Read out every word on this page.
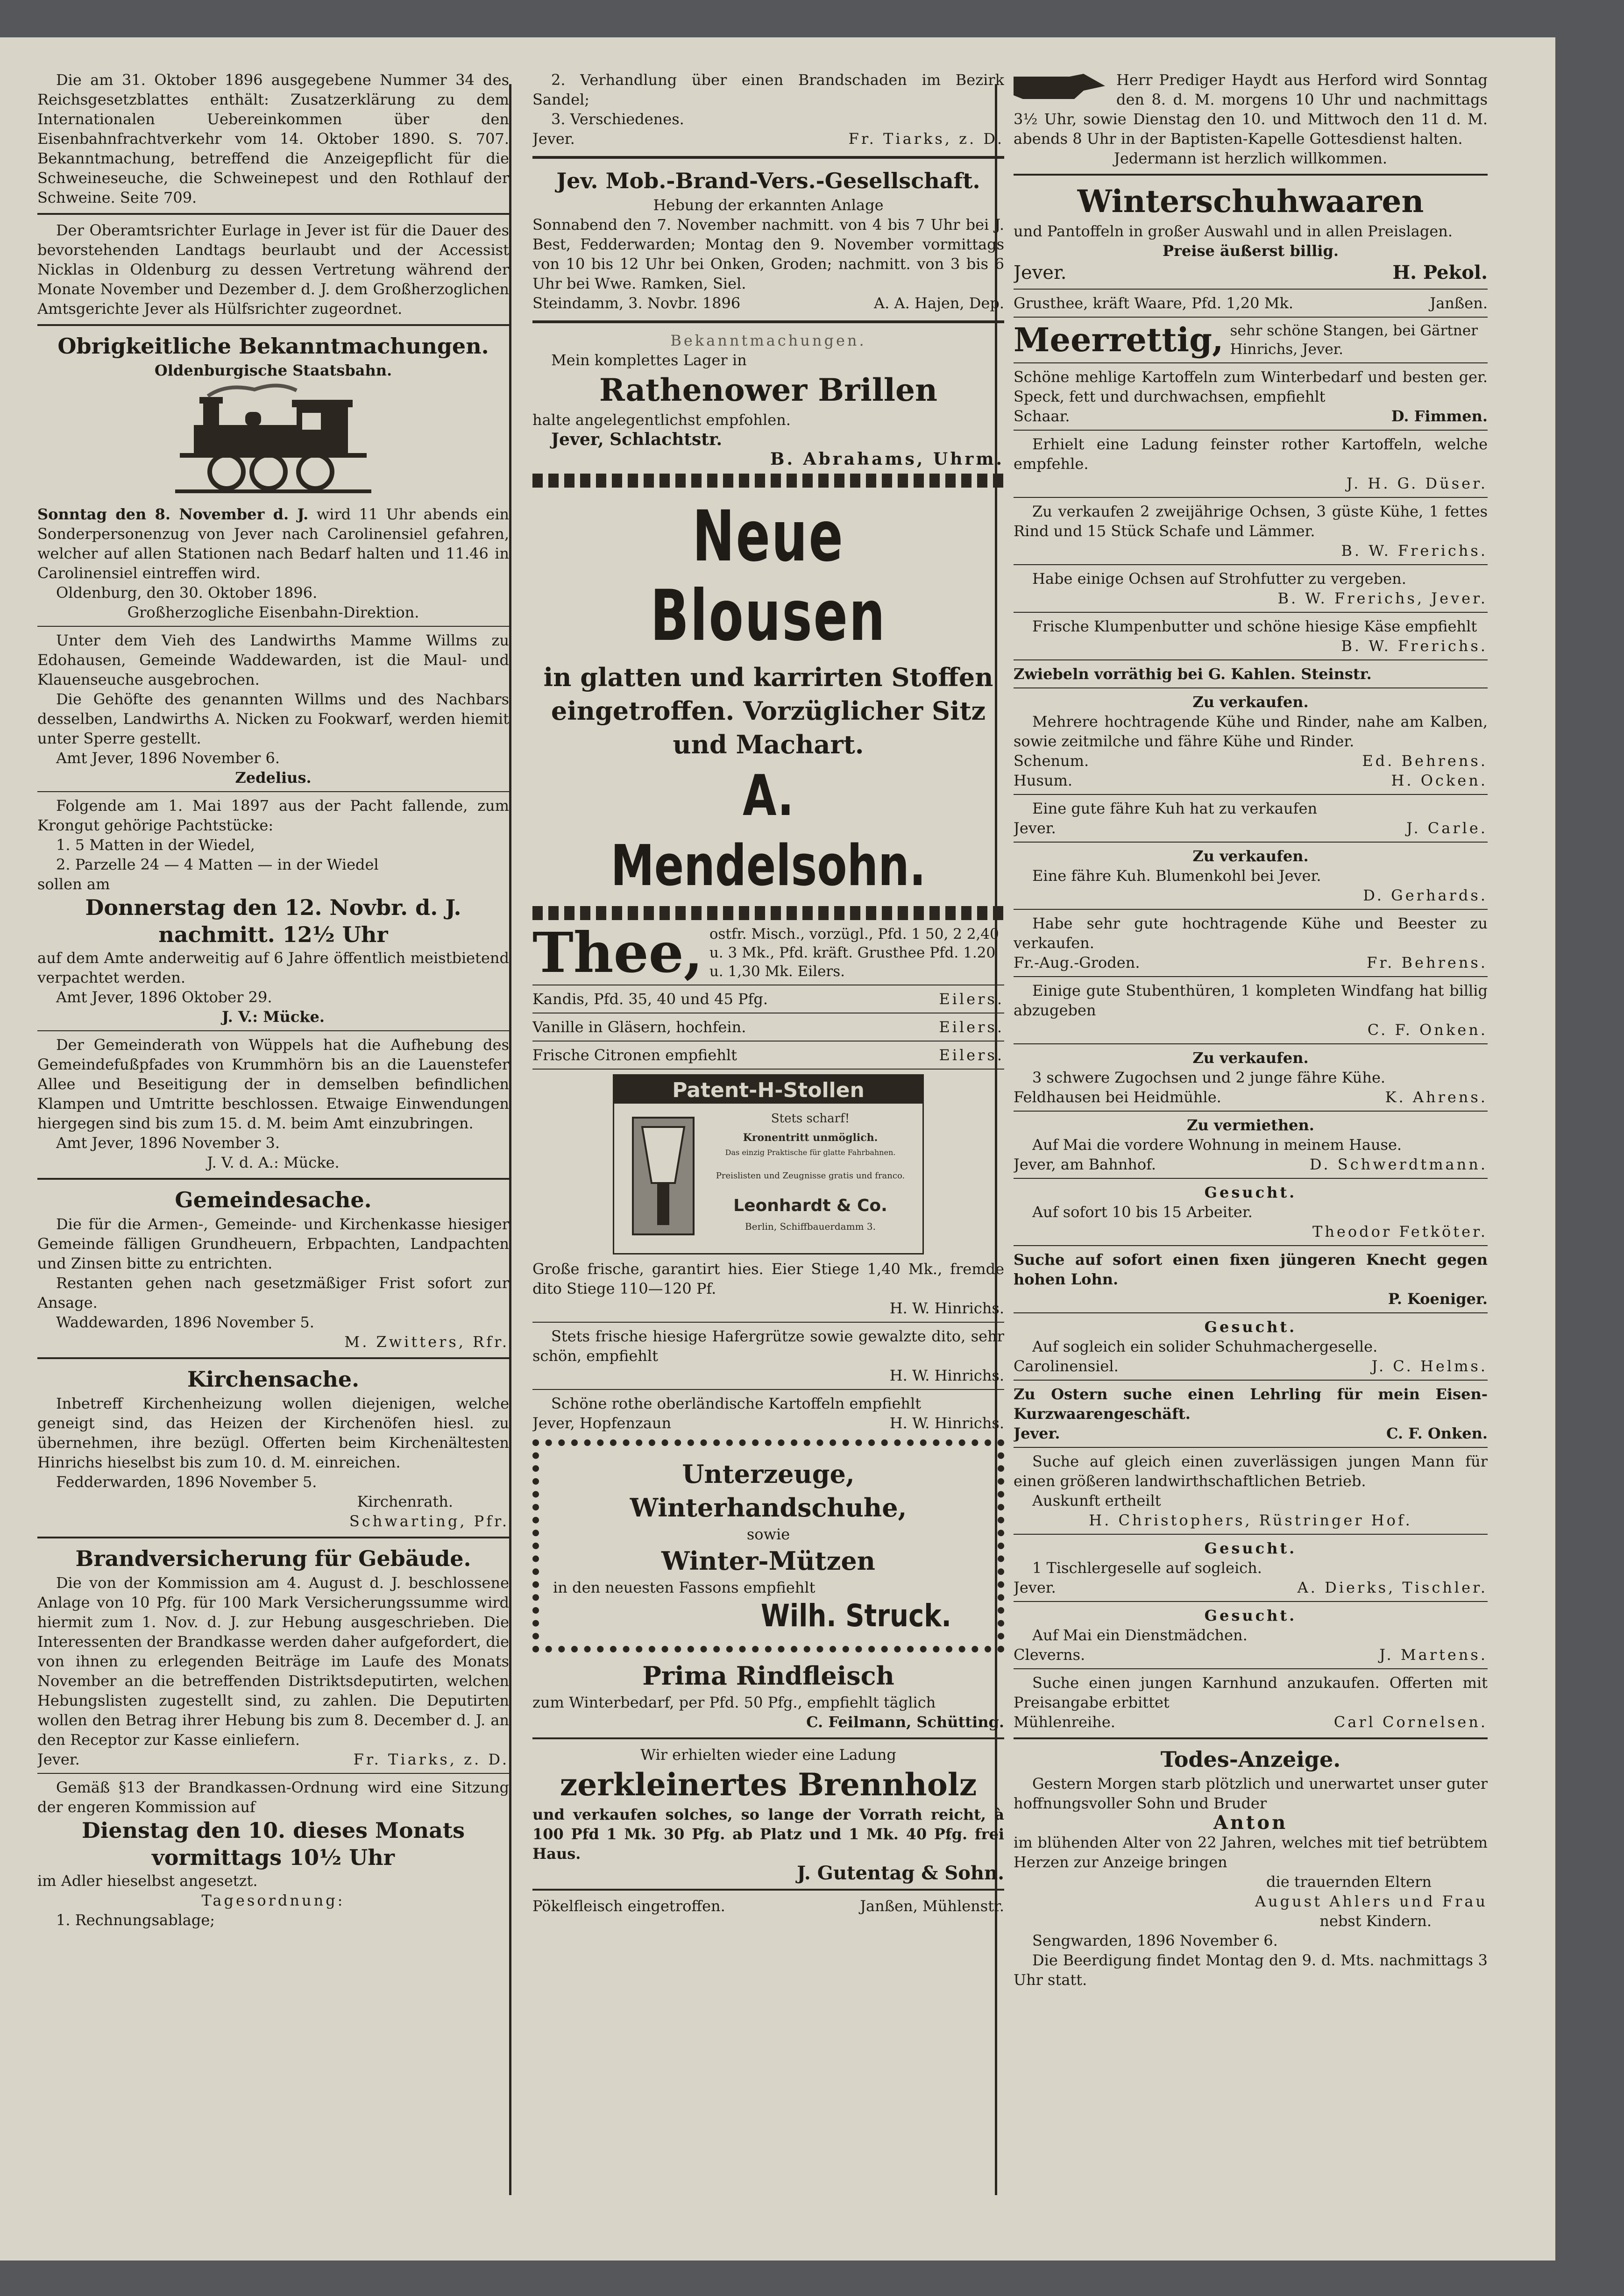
Die am 31. Oktober 1896 ausgegebene Nummer 34 des Reichsgesetzblattes enthält: Zusatzerklärung zu dem Internationalen Uebereinkommen über den Eisenbahnfrachtverkehr vom 14. Oktober 1890. S. 707. Bekanntmachung, betreffend die Anzeigepflicht für die Schweineseuche, die Schweinepest und den Rothlauf der Schweine. Seite 709.

Der Oberamtsrichter Eurlage in Jever ist für die Dauer des bevorstehenden Landtags beurlaubt und der Accessist Nicklas in Oldenburg zu dessen Vertretung während der Monate November und Dezember d. J. dem Großherzoglichen Amtsgerichte Jever als Hülfsrichter zugeordnet.

Obrigkeitliche Bekanntmachungen.

Oldenburgische Staatsbahn.

Sonntag den 8. November d. J. wird 11 Uhr abends ein Sonderpersonenzug von Jever nach Carolinensiel gefahren, welcher auf allen Stationen nach Bedarf halten und 11.46 in Carolinensiel eintreffen wird.

Oldenburg, den 30. Oktober 1896.

Großherzogliche Eisenbahn-Direktion.

Unter dem Vieh des Landwirths Mamme Willms zu Edohausen, Gemeinde Waddewarden, ist die Maul- und Klauenseuche ausgebrochen.

Die Gehöfte des genannten Willms und des Nachbars desselben, Landwirths A. Nicken zu Fookwarf, werden hiemit unter Sperre gestellt.

Amt Jever, 1896 November 6.

Zedelius.

Folgende am 1. Mai 1897 aus der Pacht fallende, zum Krongut gehörige Pachtstücke:

1. 5 Matten in der Wiedel,

2. Parzelle 24 — 4 Matten — in der Wiedel

sollen am

Donnerstag den 12. Novbr. d. J.

nachmitt. 12½ Uhr

auf dem Amte anderweitig auf 6 Jahre öffentlich meistbietend verpachtet werden.

Amt Jever, 1896 Oktober 29.

J. V.: Mücke.

Der Gemeinderath von Wüppels hat die Aufhebung des Gemeindefußpfades von Krummhörn bis an die Lauenstefer Allee und Beseitigung der in demselben befindlichen Klampen und Umtritte beschlossen. Etwaige Einwendungen hiergegen sind bis zum 15. d. M. beim Amt einzubringen.

Amt Jever, 1896 November 3.

J. V. d. A.: Mücke.

Gemeindesache.

Die für die Armen-, Gemeinde- und Kirchenkasse hiesiger Gemeinde fälligen Grundheuern, Erbpachten, Landpachten und Zinsen bitte zu entrichten.

Restanten gehen nach gesetzmäßiger Frist sofort zur Ansage.

Waddewarden, 1896 November 5.

M. Zwitters, Rfr.

Kirchensache.

Inbetreff Kirchenheizung wollen diejenigen, welche geneigt sind, das Heizen der Kirchenöfen hiesl. zu übernehmen, ihre bezügl. Offerten beim Kirchenältesten Hinrichs hieselbst bis zum 10. d. M. einreichen.

Fedderwarden, 1896 November 5.

Kirchenrath.

Schwarting, Pfr.

Brandversicherung für Gebäude.

Die von der Kommission am 4. August d. J. beschlossene Anlage von 10 Pfg. für 100 Mark Versicherungssumme wird hiermit zum 1. Nov. d. J. zur Hebung ausgeschrieben. Die Interessenten der Brandkasse werden daher aufgefordert, die von ihnen zu erlegenden Beiträge im Laufe des Monats November an die betreffenden Distriktsdeputirten, welchen Hebungslisten zugestellt sind, zu zahlen. Die Deputirten wollen den Betrag ihrer Hebung bis zum 8. December d. J. an den Receptor zur Kasse einliefern.

Jever.	Fr. Tiarks, z. D.

Gemäß §13 der Brandkassen-Ordnung wird eine Sitzung der engeren Kommission auf

Dienstag den 10. dieses Monats

vormittags 10½ Uhr

im Adler hieselbst angesetzt.

Tagesordnung:

1. Rechnungsablage;

2. Verhandlung über einen Brandschaden im Bezirk Sandel;

3. Verschiedenes.

Jever.	Fr. Tiarks, z. D.

Jev. Mob.-Brand-Vers.-Gesellschaft.

Hebung der erkannten Anlage

Sonnabend den 7. November nachmitt. von 4 bis 7 Uhr bei J. Best, Fedderwarden; Montag den 9. November vormittags von 10 bis 12 Uhr bei Onken, Groden; nachmitt. von 3 bis 6 Uhr bei Wwe. Ramken, Siel.

Steindamm, 3. Novbr. 1896	A. A. Hajen, Dep.

Bekanntmachungen.

Mein komplettes Lager in

Rathenower Brillen

halte angelegentlichst empfohlen.

Jever, Schlachtstr.

B. Abrahams, Uhrm.

Neue Blousen

in glatten und karrirten Stoffen

eingetroffen. Vorzüglicher Sitz

und Machart.

A. Mendelsohn.

Thee, ostfr. Misch., vorzügl., Pfd. 1 50, 2 2,40 u. 3 Mk., Pfd. kräft. Grusthee Pfd. 1.20 u. 1,30 Mk. Eilers.
Kandis, Pfd. 35, 40 und 45 Pfg.	Eilers.
Vanille in Gläsern, hochfein.	Eilers.
Frische Citronen empfiehlt	Eilers.
Patent-H-Stollen
Stets scharf!
Kronentritt unmöglich.
Das einzig Praktische für glatte Fahrbahnen.
Preislisten und Zeugnisse gratis und franco.
Leonhardt & Co.
Berlin, Schiffbauerdamm 3.

Große frische, garantirt hies. Eier Stiege 1,40 Mk., fremde dito Stiege 110—120 Pf.

H. W. Hinrichs.

Stets frische hiesige Hafergrütze sowie gewalzte dito, sehr schön, empfiehlt

H. W. Hinrichs.

Schöne rothe oberländische Kartoffeln empfiehlt

Jever, Hopfenzaun	H. W. Hinrichs.

Unterzeuge,

Winterhandschuhe,

sowie

Winter-Mützen

in den neuesten Fassons empfiehlt

Wilh. Struck.

Prima Rindfleisch

zum Winterbedarf, per Pfd. 50 Pfg., empfiehlt täglich

C. Feilmann, Schütting.

Wir erhielten wieder eine Ladung

zerkleinertes Brennholz

und verkaufen solches, so lange der Vorrath reicht, à 100 Pfd 1 Mk. 30 Pfg. ab Platz und 1 Mk. 40 Pfg. frei Haus.

J. Gutentag & Sohn.

Pökelfleisch eingetroffen.	Janßen, Mühlenstr.

Herr Prediger Haydt aus Herford wird Sonntag den 8. d. M. morgens 10 Uhr und nachmittags 3½ Uhr, sowie Dienstag den 10. und Mittwoch den 11 d. M. abends 8 Uhr in der Baptisten-Kapelle Gottesdienst halten.

Jedermann ist herzlich willkommen.

Winterschuhwaaren

und Pantoffeln in großer Auswahl und in allen Preislagen.

Preise äußerst billig.

Jever.	H. Pekol.
Grusthee, kräft Waare, Pfd. 1,20 Mk.	Janßen.
Meerrettig, sehr schöne Stangen, bei Gärtner Hinrichs, Jever.

Schöne mehlige Kartoffeln zum Winterbedarf und besten ger. Speck, fett und durchwachsen, empfiehlt

Schaar.	D. Fimmen.

Erhielt eine Ladung feinster rother Kartoffeln, welche empfehle.

J. H. G. Düser.

Zu verkaufen 2 zweijährige Ochsen, 3 güste Kühe, 1 fettes Rind und 15 Stück Schafe und Lämmer.

B. W. Frerichs.

Habe einige Ochsen auf Strohfutter zu vergeben.

B. W. Frerichs, Jever.

Frische Klumpenbutter und schöne hiesige Käse empfiehlt

B. W. Frerichs.

Zwiebeln vorräthig bei G. Kahlen. Steinstr.

Zu verkaufen.

Mehrere hochtragende Kühe und Rinder, nahe am Kalben, sowie zeitmilche und fähre Kühe und Rinder.

Schenum.	Ed. Behrens.
Husum.	H. Ocken.

Eine gute fähre Kuh hat zu verkaufen

Jever.	J. Carle.

Zu verkaufen.

Eine fähre Kuh. Blumenkohl bei Jever.

D. Gerhards.

Habe sehr gute hochtragende Kühe und Beester zu verkaufen.

Fr.-Aug.-Groden.	Fr. Behrens.

Einige gute Stubenthüren, 1 kompleten Windfang hat billig abzugeben

C. F. Onken.

Zu verkaufen.

3 schwere Zugochsen und 2 junge fähre Kühe.

Feldhausen bei Heidmühle.	K. Ahrens.

Zu vermiethen.

Auf Mai die vordere Wohnung in meinem Hause.

Jever, am Bahnhof.	D. Schwerdtmann.

Gesucht.

Auf sofort 10 bis 15 Arbeiter.

Theodor Fetköter.

Suche auf sofort einen fixen jüngeren Knecht gegen hohen Lohn.

P. Koeniger.

Gesucht.

Auf sogleich ein solider Schuhmachergeselle.

Carolinensiel.	J. C. Helms.

Zu Ostern suche einen Lehrling für mein Eisen-Kurzwaarengeschäft.

Jever.	C. F. Onken.

Suche auf gleich einen zuverlässigen jungen Mann für einen größeren landwirthschaftlichen Betrieb.

Auskunft ertheilt

H. Christophers, Rüstringer Hof.

Gesucht.

1 Tischlergeselle auf sogleich.

Jever.	A. Dierks, Tischler.

Gesucht.

Auf Mai ein Dienstmädchen.

Cleverns.	J. Martens.

Suche einen jungen Karnhund anzukaufen. Offerten mit Preisangabe erbittet

Mühlenreihe.	Carl Cornelsen.

Todes-Anzeige.

Gestern Morgen starb plötzlich und unerwartet unser guter hoffnungsvoller Sohn und Bruder

Anton

im blühenden Alter von 22 Jahren, welches mit tief betrübtem Herzen zur Anzeige bringen

die trauernden Eltern

August Ahlers und Frau

nebst Kindern.

Sengwarden, 1896 November 6.

Die Beerdigung findet Montag den 9. d. Mts. nachmittags 3 Uhr statt.
